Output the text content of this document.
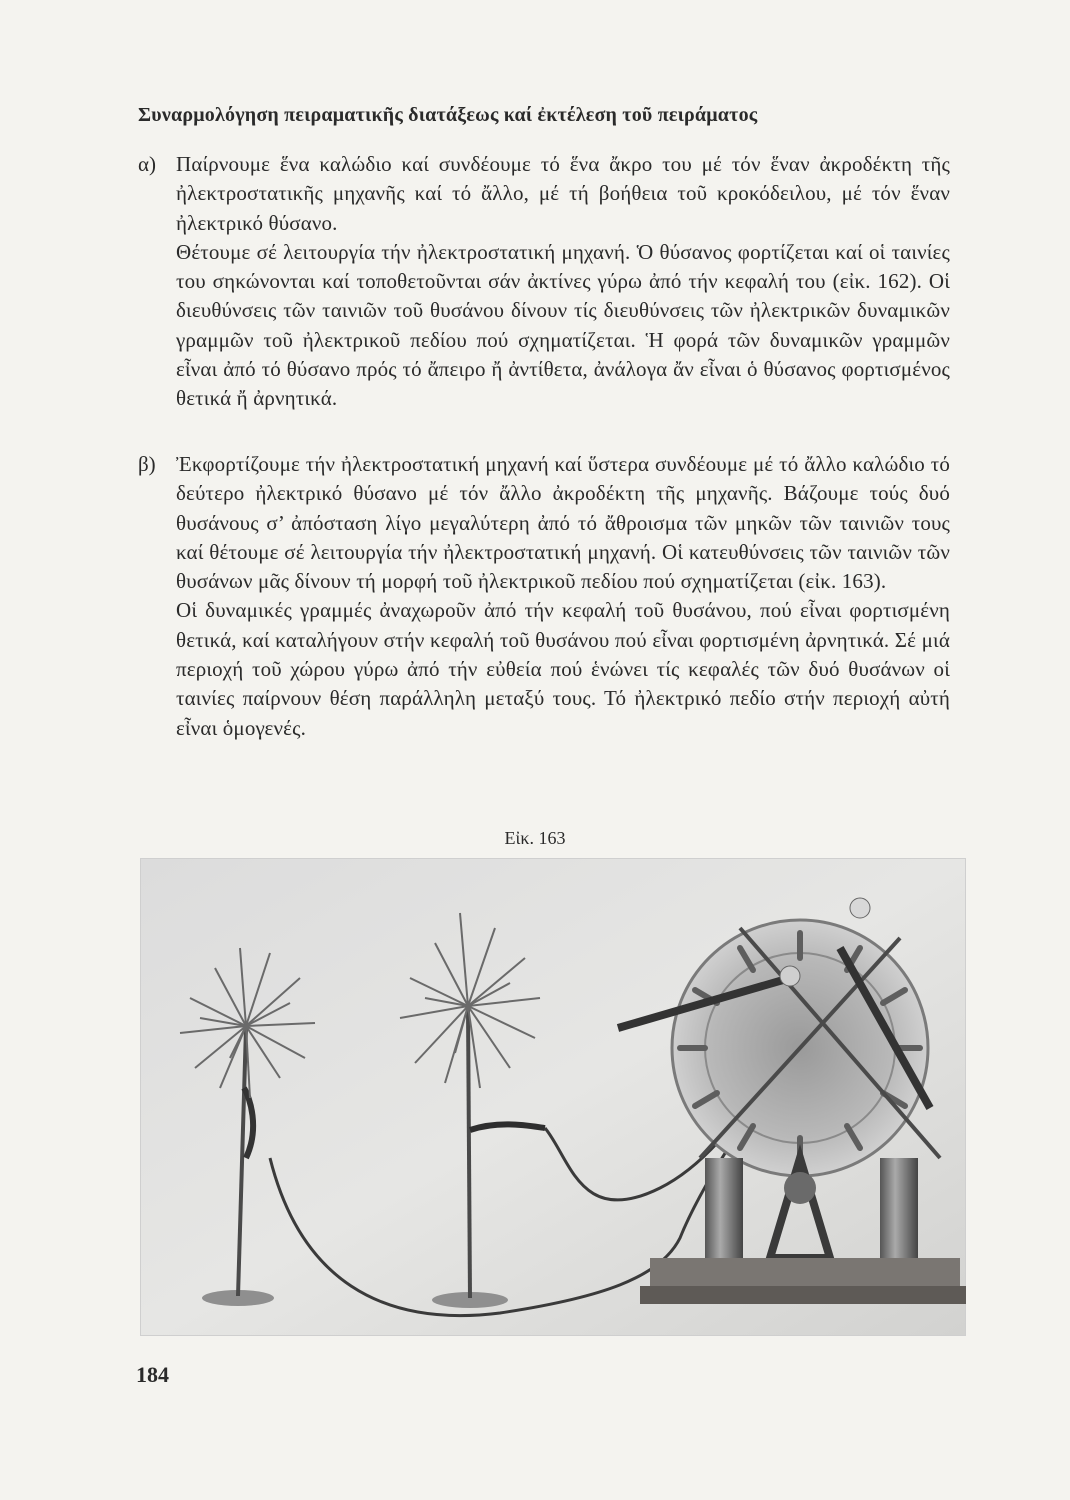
Συναρμολόγηση πειραματικῆς διατάξεως καί ἐκτέλεση τοῦ πειράματος
α) Παίρνουμε ἕνα καλώδιο καί συνδέουμε τό ἕνα ἄκρο του μέ τόν ἕναν ἀκροδέκτη τῆς ἠλεκτροστατικῆς μηχανῆς καί τό ἄλλο, μέ τή βοήθεια τοῦ κροκόδειλου, μέ τόν ἕναν ἠλεκτρικό θύσανο.

Θέτουμε σέ λειτουργία τήν ἠλεκτροστατική μηχανή. Ὁ θύσανος φορτίζεται καί οἱ ταινίες του σηκώνονται καί τοποθετοῦνται σάν ἀκτίνες γύρω ἀπό τήν κεφαλή του (εἰκ. 162). Οἱ διευθύνσεις τῶν ταινιῶν τοῦ θυσάνου δίνουν τίς διευθύνσεις τῶν ἠλεκτρικῶν δυναμικῶν γραμμῶν τοῦ ἠλεκτρικοῦ πεδίου πού σχηματίζεται. Ἡ φορά τῶν δυναμικῶν γραμμῶν εἶναι ἀπό τό θύσανο πρός τό ἄπειρο ἤ ἀντίθετα, ἀνάλογα ἄν εἶναι ὁ θύσανος φορτισμένος θετικά ἤ ἀρνητικά.

β) Ἐκφορτίζουμε τήν ἠλεκτροστατική μηχανή καί ὕστερα συνδέουμε μέ τό ἄλλο καλώδιο τό δεύτερο ἠλεκτρικό θύσανο μέ τόν ἄλλο ἀκροδέκτη τῆς μηχανῆς. Βάζουμε τούς δυό θυσάνους σ’ ἀπόσταση λίγο μεγαλύτερη ἀπό τό ἄθροισμα τῶν μηκῶν τῶν ταινιῶν τους καί θέτουμε σέ λειτουργία τήν ἠλεκτροστατική μηχανή. Οἱ κατευθύνσεις τῶν ταινιῶν τῶν θυσάνων μᾶς δίνουν τή μορφή τοῦ ἠλεκτρικοῦ πεδίου πού σχηματίζεται (εἰκ. 163).

Οἱ δυναμικές γραμμές ἀναχωροῦν ἀπό τήν κεφαλή τοῦ θυσάνου, πού εἶναι φορτισμένη θετικά, καί καταλήγουν στήν κεφαλή τοῦ θυσάνου πού εἶναι φορτισμένη ἀρνητικά. Σέ μιά περιοχή τοῦ χώρου γύρω ἀπό τήν εὐθεία πού ἑνώνει τίς κεφαλές τῶν δυό θυσάνων οἱ ταινίες παίρνουν θέση παράλληλη μεταξύ τους. Τό ἠλεκτρικό πεδίο στήν περιοχή αὐτή εἶναι ὁμογενές.

Εἰκ. 163
184
